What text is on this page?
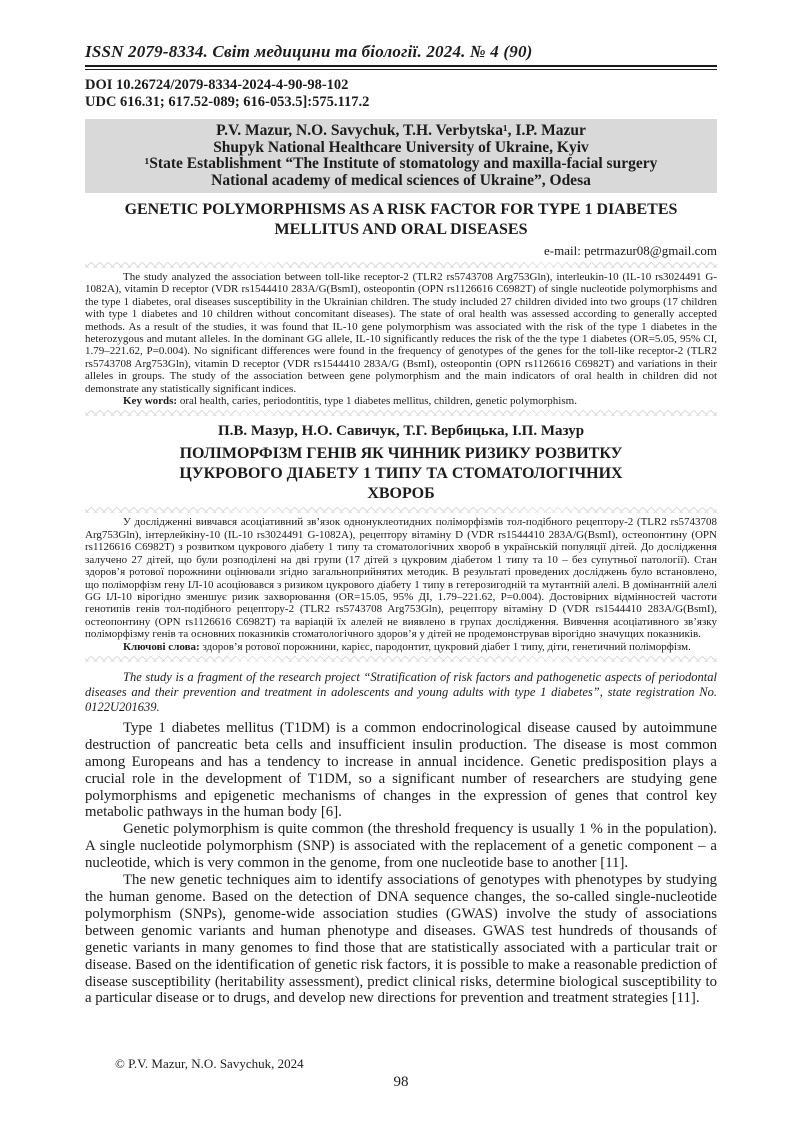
ISSN 2079-8334. Світ медицини та біології. 2024. № 4 (90)
DOI 10.26724/2079-8334-2024-4-90-98-102
UDC 616.31; 617.52-089; 616-053.5]:575.117.2
P.V. Mazur, N.O. Savychuk, T.H. Verbytska¹, I.P. Mazur
Shupyk National Healthcare University of Ukraine, Kyiv
¹State Establishment “The Institute of stomatology and maxilla-facial surgery
National academy of medical sciences of Ukraine”, Odesa
GENETIC POLYMORPHISMS AS A RISK FACTOR FOR TYPE 1 DIABETES MELLITUS AND ORAL DISEASES
e-mail: petrmazur08@gmail.com

The study analyzed the association between toll-like receptor-2 (TLR2 rs5743708 Arg753Gln), interleukin-10 (IL-10 rs3024491 G-1082A), vitamin D receptor (VDR rs1544410 283A/G(BsmI), osteopontin (OPN rs1126616 C6982T) of single nucleotide polymorphisms and the type 1 diabetes, oral diseases susceptibility in the Ukrainian children. The study included 27 children divided into two groups (17 children with type 1 diabetes and 10 children without concomitant diseases). The state of oral health was assessed according to generally accepted methods. As a result of the studies, it was found that IL-10 gene polymorphism was associated with the risk of the type 1 diabetes in the heterozygous and mutant alleles. In the dominant GG allele, IL-10 significantly reduces the risk of the the type 1 diabetes (OR=5.05, 95% CI, 1.79–221.62, P=0.004). No significant differences were found in the frequency of genotypes of the genes for the toll-like receptor-2 (TLR2 rs5743708 Arg753Gln), vitamin D receptor (VDR rs1544410 283A/G (BsmI), osteopontin (OPN rs1126616 C6982T) and variations in their alleles in groups. The study of the association between gene polymorphism and the main indicators of oral health in children did not demonstrate any statistically significant indices.

Key words: oral health, caries, periodontitis, type 1 diabetes mellitus, children, genetic polymorphism.

П.В. Мазур, Н.О. Савичук, Т.Г. Вербицька, І.П. Мазур
ПОЛІМОРФІЗМ ГЕНІВ ЯК ЧИННИК РИЗИКУ РОЗВИТКУ ЦУКРОВОГО ДІАБЕТУ 1 ТИПУ ТА СТОМАТОЛОГІЧНИХ ХВОРОБ

У дослідженні вивчався асоціативний зв’язок однонуклеотидних поліморфізмів тол-подібного рецептору-2 (TLR2 rs5743708 Arg753Gln), інтерлейкіну-10 (IL-10 rs3024491 G-1082A), рецептору вітаміну D (VDR rs1544410 283A/G(BsmI), остеопонтину (OPN rs1126616 C6982T) з розвитком цукрового діабету 1 типу та стоматологічних хвороб в українській популяції дітей. До дослідження залучено 27 дітей, що були розподілені на дві групи (17 дітей з цукровим діабетом 1 типу та 10 – без супутньої патології). Стан здоров’я ротової порожнини оцінювали згідно загальноприйнятих методик. В результаті проведених досліджень було встановлено, що поліморфізм гену ІЛ-10 асоціювався з ризиком цукрового діабету 1 типу в гетерозигодній та мутантній алелі. В домінантній алелі GG ІЛ-10 вірогідно зменшує ризик захворювання (OR=15.05, 95% ДІ, 1.79–221.62, P=0.004). Достовірних відмінностей частоти генотипів генів тол-подібного рецептору-2 (TLR2 rs5743708 Arg753Gln), рецептору вітаміну D (VDR rs1544410 283A/G(BsmI), остеопонтину (OPN rs1126616 C6982T) та варіацій їх алелей не виявлено в групах дослідження. Вивчення асоціативного зв’язку поліморфізму генів та основних показників стоматологічного здоров’я у дітей не продемонстрував вірогідно значущих показників.

Ключові слова: здоров’я ротової порожнини, карієс, пародонтит, цукровий діабет 1 типу, діти, генетичний поліморфізм.

The study is a fragment of the research project “Stratification of risk factors and pathogenetic aspects of periodontal diseases and their prevention and treatment in adolescents and young adults with type 1 diabetes”, state registration No. 0122U201639.

Type 1 diabetes mellitus (T1DM) is a common endocrinological disease caused by autoimmune destruction of pancreatic beta cells and insufficient insulin production. The disease is most common among Europeans and has a tendency to increase in annual incidence. Genetic predisposition plays a crucial role in the development of T1DM, so a significant number of researchers are studying gene polymorphisms and epigenetic mechanisms of changes in the expression of genes that control key metabolic pathways in the human body [6].

Genetic polymorphism is quite common (the threshold frequency is usually 1 % in the population). A single nucleotide polymorphism (SNP) is associated with the replacement of a genetic component – a nucleotide, which is very common in the genome, from one nucleotide base to another [11].

The new genetic techniques aim to identify associations of genotypes with phenotypes by studying the human genome. Based on the detection of DNA sequence changes, the so-called single-nucleotide polymorphism (SNPs), genome-wide association studies (GWAS) involve the study of associations between genomic variants and human phenotype and diseases. GWAS test hundreds of thousands of genetic variants in many genomes to find those that are statistically associated with a particular trait or disease. Based on the identification of genetic risk factors, it is possible to make a reasonable prediction of disease susceptibility (heritability assessment), predict clinical risks, determine biological susceptibility to a particular disease or to drugs, and develop new directions for prevention and treatment strategies [11].

© P.V. Mazur, N.O. Savychuk, 2024
98
